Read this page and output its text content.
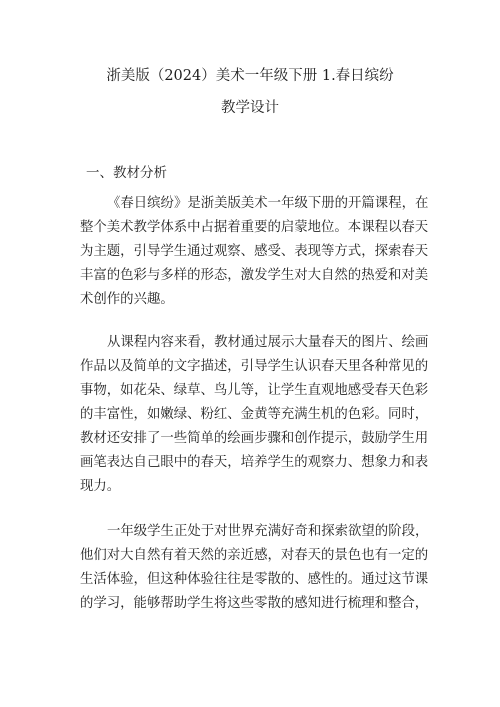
浙美版（2024）美术一年级下册 1.春日缤纷
教学设计
一、教材分析
《春日缤纷》是浙美版美术一年级下册的开篇课程，在
整个美术教学体系中占据着重要的启蒙地位。本课程以春天
为主题，引导学生通过观察、感受、表现等方式，探索春天
丰富的色彩与多样的形态，激发学生对大自然的热爱和对美
术创作的兴趣。
从课程内容来看，教材通过展示大量春天的图片、绘画
作品以及简单的文字描述，引导学生认识春天里各种常见的
事物，如花朵、绿草、鸟儿等，让学生直观地感受春天色彩
的丰富性，如嫩绿、粉红、金黄等充满生机的色彩。同时，
教材还安排了一些简单的绘画步骤和创作提示，鼓励学生用
画笔表达自己眼中的春天，培养学生的观察力、想象力和表
现力。
一年级学生正处于对世界充满好奇和探索欲望的阶段，
他们对大自然有着天然的亲近感，对春天的景色也有一定的
生活体验，但这种体验往往是零散的、感性的。通过这节课
的学习，能够帮助学生将这些零散的感知进行梳理和整合，
